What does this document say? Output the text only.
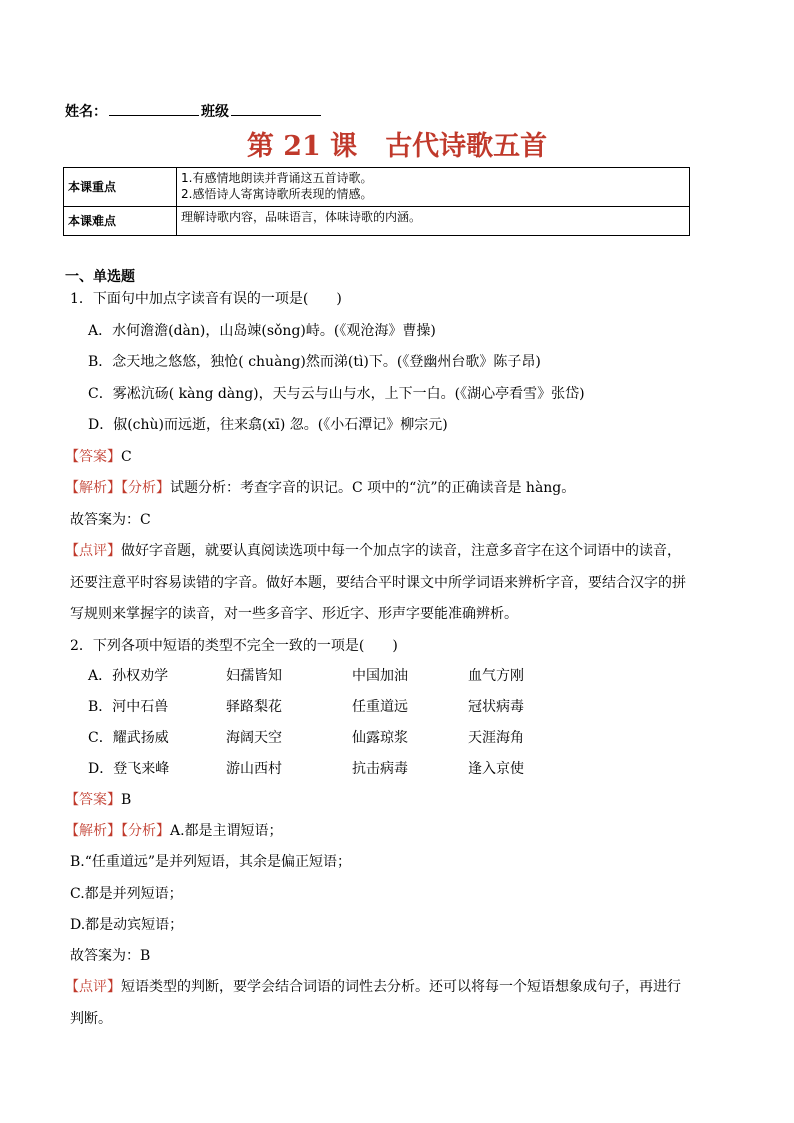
姓名：	班级
第 21 课 古代诗歌五首
本课重点	1.有感情地朗读并背诵这五首诗歌。
2.感悟诗人寄寓诗歌所表现的情感。

本课难点	理解诗歌内容，品味语言，体味诗歌的内涵。
一、单选题
1．下面句中加点字读音有误的一项是(　　)
A．水何澹澹(dàn)，山岛竦(sǒng)峙。(《观沧海》曹操)
B．念天地之悠悠，独怆( chuàng)然而涕(tì)下。(《登幽州台歌》陈子昂)
C．雾凇沆砀( kàng dàng)，天与云与山与水，上下一白。(《湖心亭看雪》张岱)
D．俶(chù)而远逝，往来翕(xī) 忽。(《小石潭记》柳宗元)
【答案】C
【解析】【分析】试题分析：考查字音的识记。C 项中的“沆”的正确读音是 hàng。
故答案为：C
【点评】做好字音题，就要认真阅读选项中每一个加点字的读音，注意多音字在这个词语中的读音，
还要注意平时容易读错的字音。做好本题，要结合平时课文中所学词语来辨析字音，要结合汉字的拼
写规则来掌握字的读音，对一些多音字、形近字、形声字要能准确辨析。
2．下列各项中短语的类型不完全一致的一项是(　　)
A．孙权劝学	妇孺皆知	中国加油	血气方刚
B．河中石兽	驿路梨花	任重道远	冠状病毒
C．耀武扬威	海阔天空	仙露琼浆	天涯海角
D．登飞来峰	游山西村	抗击病毒	逢入京使
【答案】B
【解析】【分析】A.都是主谓短语；
B.“任重道远”是并列短语，其余是偏正短语；
C.都是并列短语；
D.都是动宾短语；
故答案为：B
【点评】短语类型的判断，要学会结合词语的词性去分析。还可以将每一个短语想象成句子，再进行
判断。
